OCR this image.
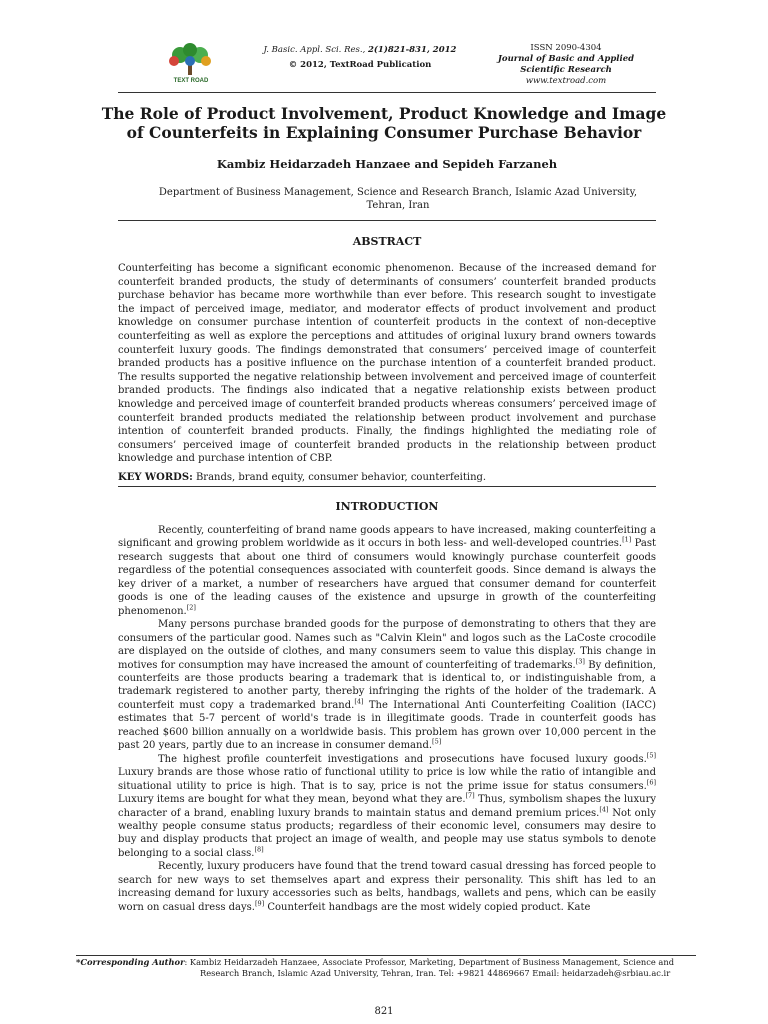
TEXT ROAD
J. Basic. Appl. Sci. Res., 2(1)821-831, 2012
© 2012, TextRoad Publication
ISSN 2090-4304
Journal of Basic and Applied
Scientific Research
www.textroad.com
The Role of Product Involvement, Product Knowledge and Image of Counterfeits in Explaining Consumer Purchase Behavior
Kambiz Heidarzadeh Hanzaee and Sepideh Farzaneh
Department of Business Management, Science and Research Branch, Islamic Azad University, Tehran, Iran
ABSTRACT
Counterfeiting has become a significant economic phenomenon. Because of the increased demand for counterfeit branded products, the study of determinants of consumers’ counterfeit branded products purchase behavior has became more worthwhile than ever before. This research sought to investigate the impact of perceived image, mediator, and moderator effects of product involvement and product knowledge on consumer purchase intention of counterfeit products in the context of non-deceptive counterfeiting as well as explore the perceptions and attitudes of original luxury brand owners towards counterfeit luxury goods. The findings demonstrated that consumers’ perceived image of counterfeit branded products has a positive influence on the purchase intention of a counterfeit branded product. The results supported the negative relationship between involvement and perceived image of counterfeit branded products. The findings also indicated that a negative relationship exists between product knowledge and perceived image of counterfeit branded products whereas consumers’ perceived image of counterfeit branded products mediated the relationship between product involvement and purchase intention of counterfeit branded products. Finally, the findings highlighted the mediating role of consumers’ perceived image of counterfeit branded products in the relationship between product knowledge and purchase intention of CBP.
KEY WORDS: Brands, brand equity, consumer behavior, counterfeiting.
INTRODUCTION

Recently, counterfeiting of brand name goods appears to have increased, making counterfeiting a significant and growing problem worldwide as it occurs in both less- and well-developed countries.[1] Past research suggests that about one third of consumers would knowingly purchase counterfeit goods regardless of the potential consequences associated with counterfeit goods. Since demand is always the key driver of a market, a number of researchers have argued that consumer demand for counterfeit goods is one of the leading causes of the existence and upsurge in growth of the counterfeiting phenomenon.[2]

Many persons purchase branded goods for the purpose of demonstrating to others that they are consumers of the particular good. Names such as "Calvin Klein" and logos such as the LaCoste crocodile are displayed on the outside of clothes, and many consumers seem to value this display. This change in motives for consumption may have increased the amount of counterfeiting of trademarks.[3] By definition, counterfeits are those products bearing a trademark that is identical to, or indistinguishable from, a trademark registered to another party, thereby infringing the rights of the holder of the trademark. A counterfeit must copy a trademarked brand.[4] The International Anti Counterfeiting Coalition (IACC) estimates that 5-7 percent of world's trade is in illegitimate goods. Trade in counterfeit goods has reached $600 billion annually on a worldwide basis. This problem has grown over 10,000 percent in the past 20 years, partly due to an increase in consumer demand.[5]

The highest profile counterfeit investigations and prosecutions have focused luxury goods.[5] Luxury brands are those whose ratio of functional utility to price is low while the ratio of intangible and situational utility to price is high. That is to say, price is not the prime issue for status consumers.[6] Luxury items are bought for what they mean, beyond what they are.[7] Thus, symbolism shapes the luxury character of a brand, enabling luxury brands to maintain status and demand premium prices.[4] Not only wealthy people consume status products; regardless of their economic level, consumers may desire to buy and display products that project an image of wealth, and people may use status symbols to denote belonging to a social class.[8]

Recently, luxury producers have found that the trend toward casual dressing has forced people to search for new ways to set themselves apart and express their personality. This shift has led to an increasing demand for luxury accessories such as belts, handbags, wallets and pens, which can be easily worn on casual dress days.[9] Counterfeit handbags are the most widely copied product. Kate

*Corresponding Author: Kambiz Heidarzadeh Hanzaee, Associate Professor, Marketing, Department of Business Management, Science and
Research Branch, Islamic Azad University, Tehran, Iran. Tel: +9821 44869667 Email: heidarzadeh@srbiau.ac.ir
821
